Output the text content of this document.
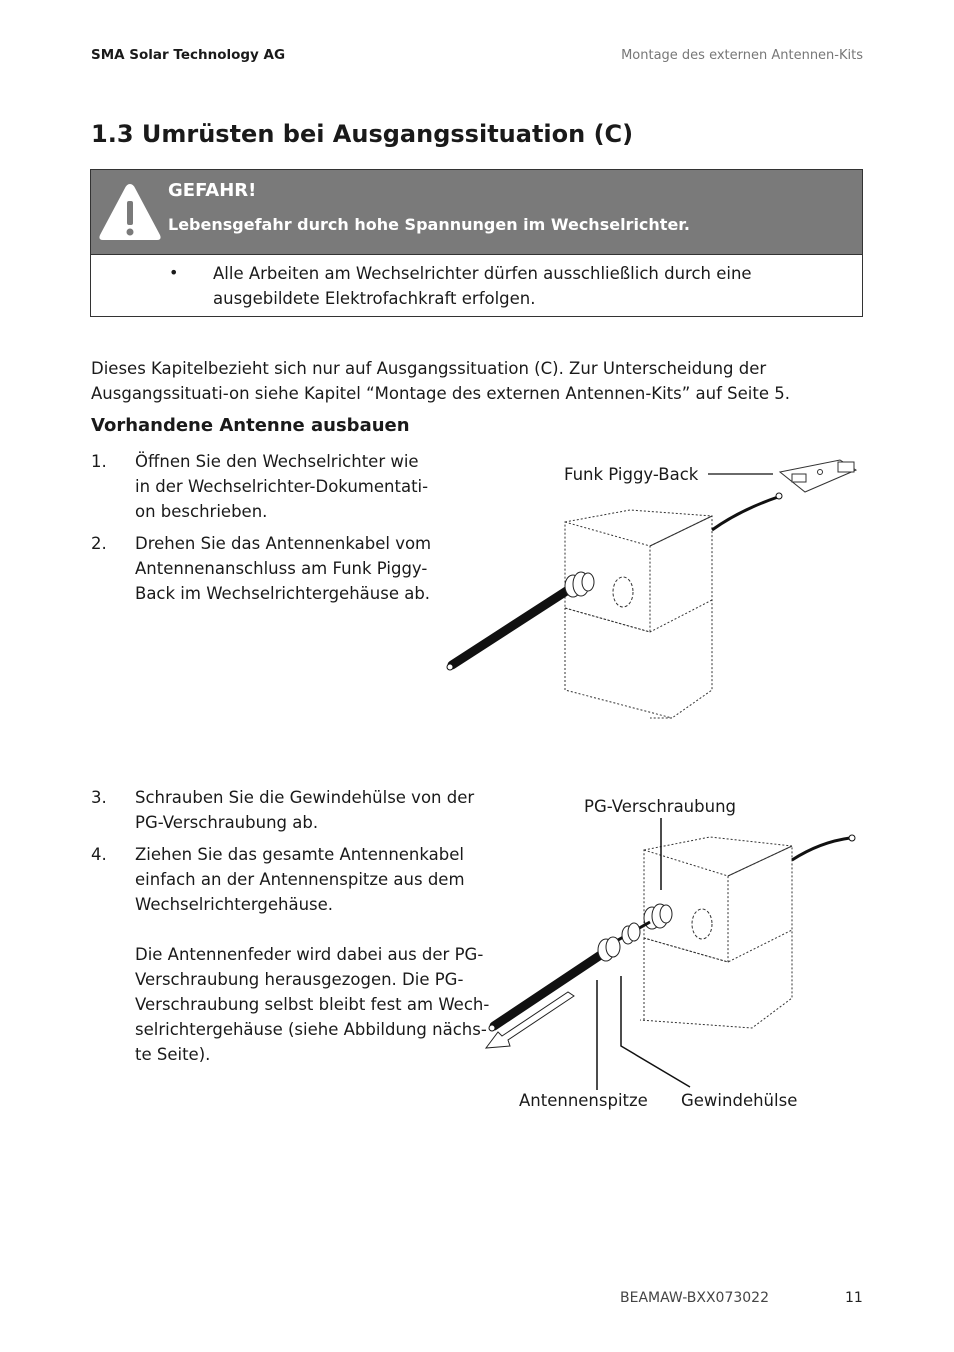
SMA Solar Technology AG	Montage des externen Antennen-Kits
1.3 Umrüsten bei Ausgangssituation (C)
GEFAHR!
Lebensgefahr durch hohe Spannungen im Wechselrichter.
• Alle Arbeiten am Wechselrichter dürfen ausschließlich durch eine ausgebildete Elektrofachkraft erfolgen.
Dieses Kapitelbezieht sich nur auf Ausgangssituation (C). Zur Unterscheidung der Ausgangssituati-on siehe Kapitel “Montage des externen Antennen-Kits” auf Seite 5.
Vorhandene Antenne ausbauen
1. Öffnen Sie den Wechselrichter wie
in der Wechselrichter-Dokumentati-
on beschrieben.
2. Drehen Sie das Antennenkabel vom
Antennenanschluss am Funk Piggy-
Back im Wechselrichtergehäuse ab.
Funk Piggy-Back
3. Schrauben Sie die Gewindehülse von der
PG-Verschraubung ab.
4. Ziehen Sie das gesamte Antennenkabel
einfach an der Antennenspitze aus dem
Wechselrichtergehäuse.
Die Antennenfeder wird dabei aus der PG-
Verschraubung herausgezogen. Die PG-
Verschraubung selbst bleibt fest am Wech-
selrichtergehäuse (siehe Abbildung nächs-
te Seite).
PG-Verschraubung
Antennenspitze Gewindehülse
BEAMAW-BXX073022	11
